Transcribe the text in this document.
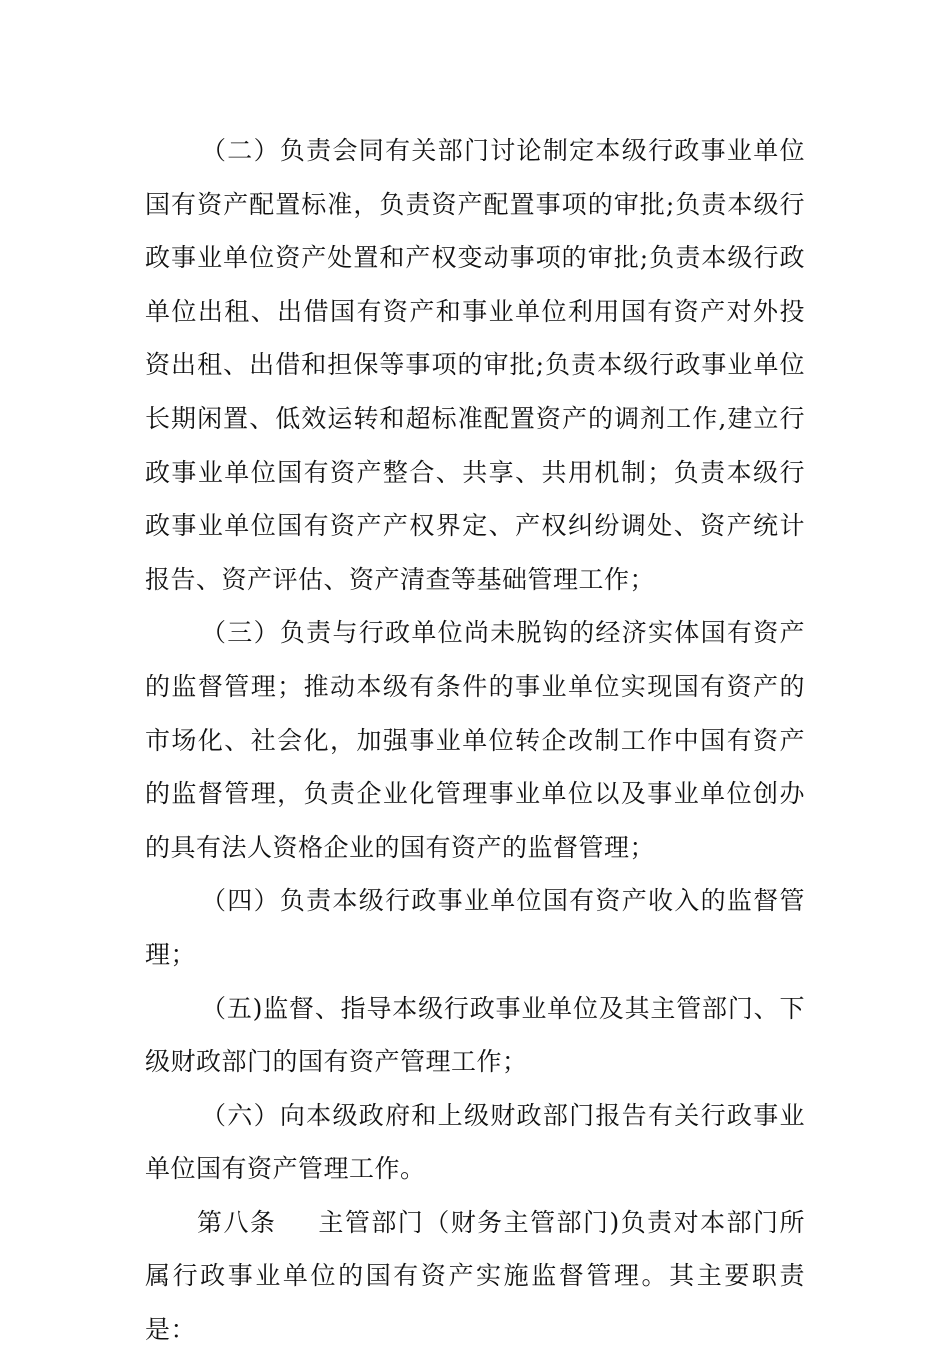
（二）负责会同有关部门讨论制定本级行政事业单位国有资产配置标准，负责资产配置事项的审批;负责本级行政事业单位资产处置和产权变动事项的审批;负责本级行政单位出租、出借国有资产和事业单位利用国有资产对外投资出租、出借和担保等事项的审批;负责本级行政事业单位长期闲置、低效运转和超标准配置资产的调剂工作,建立行政事业单位国有资产整合、共享、共用机制；负责本级行政事业单位国有资产产权界定、产权纠纷调处、资产统计报告、资产评估、资产清查等基础管理工作；

（三）负责与行政单位尚未脱钩的经济实体国有资产的监督管理；推动本级有条件的事业单位实现国有资产的市场化、社会化，加强事业单位转企改制工作中国有资产的监督管理，负责企业化管理事业单位以及事业单位创办的具有法人资格企业的国有资产的监督管理；

（四）负责本级行政事业单位国有资产收入的监督管理；

（五)监督、指导本级行政事业单位及其主管部门、下级财政部门的国有资产管理工作；

（六）向本级政府和上级财政部门报告有关行政事业单位国有资产管理工作。

第八条 主管部门（财务主管部门)负责对本部门所属行政事业单位的国有资产实施监督管理。其主要职责是：
